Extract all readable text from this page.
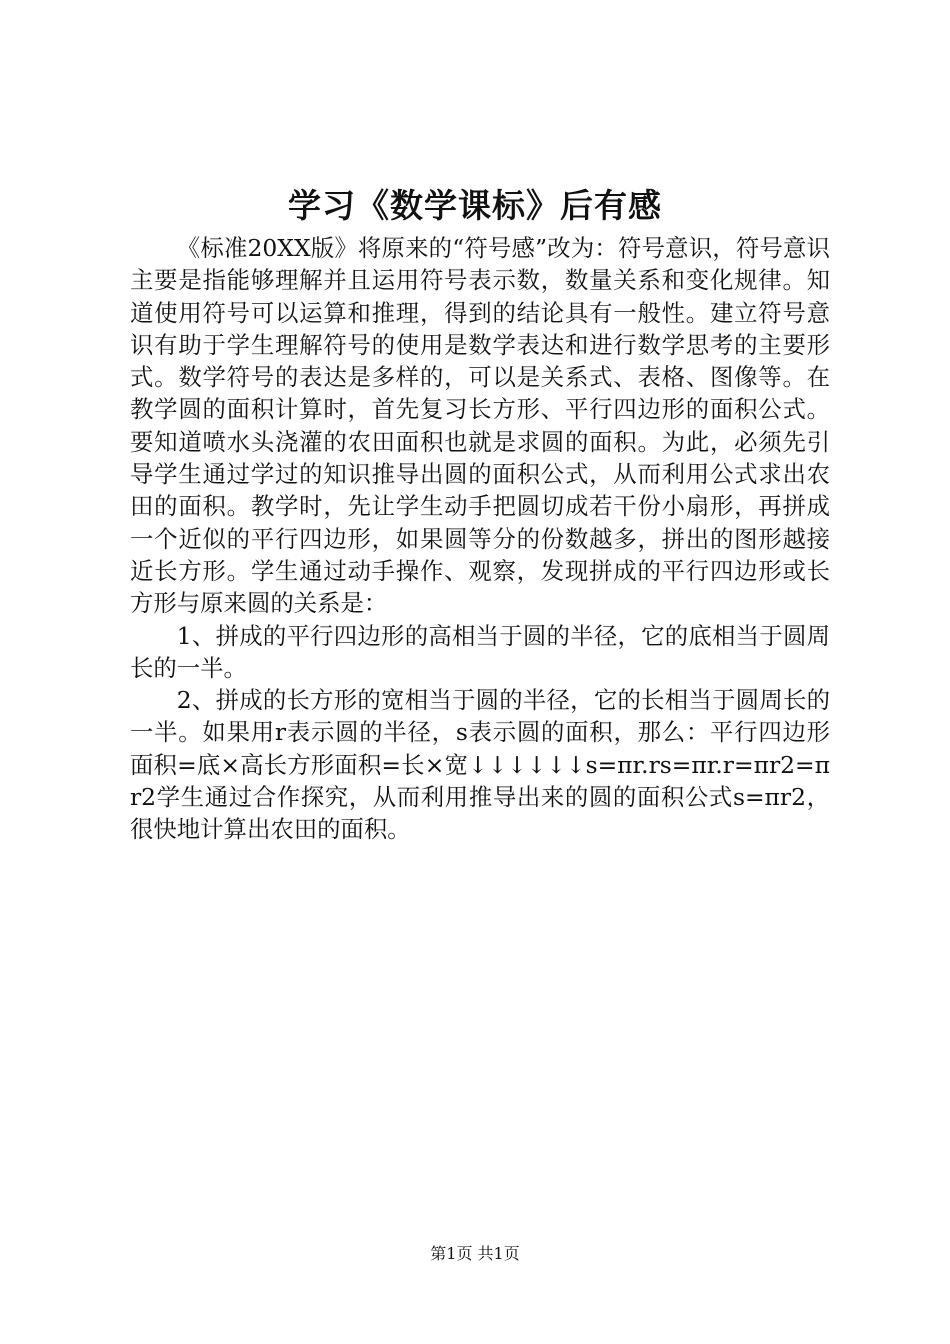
学习《数学课标》后有感

《标准20XX版》将原来的“符号感”改为：符号意识，符号意识主要是指能够理解并且运用符号表示数，数量关系和变化规律。知道使用符号可以运算和推理，得到的结论具有一般性。建立符号意识有助于学生理解符号的使用是数学表达和进行数学思考的主要形式。数学符号的表达是多样的，可以是关系式、表格、图像等。在教学圆的面积计算时，首先复习长方形、平行四边形的面积公式。要知道喷水头浇灌的农田面积也就是求圆的面积。为此，必须先引导学生通过学过的知识推导出圆的面积公式，从而利用公式求出农田的面积。教学时，先让学生动手把圆切成若干份小扇形，再拼成一个近似的平行四边形，如果圆等分的份数越多，拼出的图形越接近长方形。学生通过动手操作、观察，发现拼成的平行四边形或长方形与原来圆的关系是：

1、拼成的平行四边形的高相当于圆的半径，它的底相当于圆周长的一半。

2、拼成的长方形的宽相当于圆的半径，它的长相当于圆周长的一半。如果用r表示圆的半径，s表示圆的面积，那么：平行四边形面积=底×高长方形面积=长×宽↓↓↓↓↓↓s=πr.rs=πr.r=πr2=πr2学生通过合作探究，从而利用推导出来的圆的面积公式s=πr2，很快地计算出农田的面积。

第1页 共1页
